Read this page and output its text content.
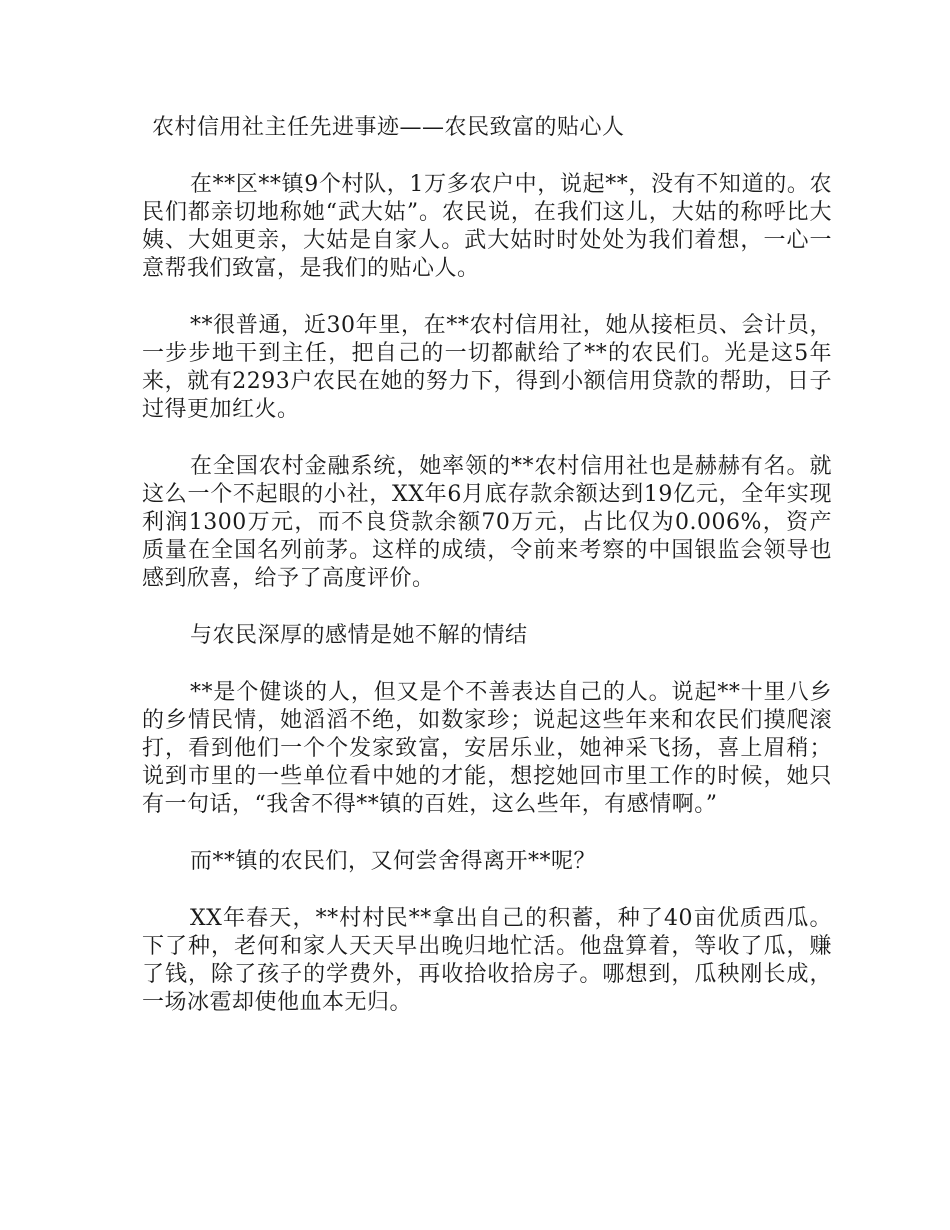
农村信用社主任先进事迹——农民致富的贴心人

在**区**镇9个村队，1万多农户中，说起**，没有不知道的。农民们都亲切地称她“武大姑”。农民说，在我们这儿，大姑的称呼比大姨、大姐更亲，大姑是自家人。武大姑时时处处为我们着想，一心一意帮我们致富，是我们的贴心人。

**很普通，近30年里，在**农村信用社，她从接柜员、会计员，一步步地干到主任，把自己的一切都献给了**的农民们。光是这5年来，就有2293户农民在她的努力下，得到小额信用贷款的帮助，日子过得更加红火。

在全国农村金融系统，她率领的**农村信用社也是赫赫有名。就这么一个不起眼的小社，XX年6月底存款余额达到19亿元，全年实现利润1300万元，而不良贷款余额70万元，占比仅为0.006%，资产质量在全国名列前茅。这样的成绩，令前来考察的中国银监会领导也感到欣喜，给予了高度评价。

与农民深厚的感情是她不解的情结

**是个健谈的人，但又是个不善表达自己的人。说起**十里八乡的乡情民情，她滔滔不绝，如数家珍；说起这些年来和农民们摸爬滚打，看到他们一个个发家致富，安居乐业，她神采飞扬，喜上眉稍；说到市里的一些单位看中她的才能，想挖她回市里工作的时候，她只有一句话，“我舍不得**镇的百姓，这么些年，有感情啊。”

而**镇的农民们，又何尝舍得离开**呢？

XX年春天，**村村民**拿出自己的积蓄，种了40亩优质西瓜。下了种，老何和家人天天早出晚归地忙活。他盘算着，等收了瓜，赚了钱，除了孩子的学费外，再收拾收拾房子。哪想到，瓜秧刚长成，一场冰雹却使他血本无归。
